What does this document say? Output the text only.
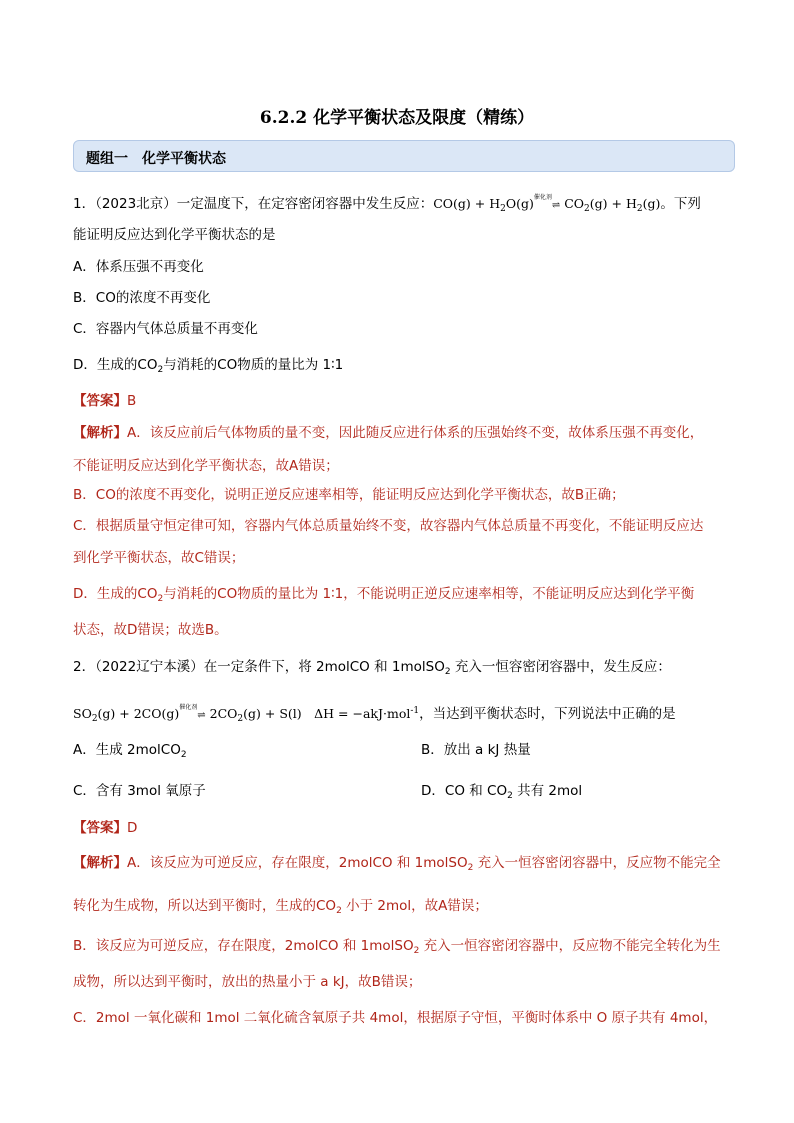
6.2.2 化学平衡状态及限度（精练）
题组一　化学平衡状态
1．（2023北京）一定温度下，在定容密闭容器中发生反应：$CO(g) + H_2O(g)^{催化剂}\rightleftharpoons$ $CO_2(g) + H_2(g)$。下列
能证明反应达到化学平衡状态的是
A．体系压强不再变化
B．CO的浓度不再变化
C．容器内气体总质量不再变化
D．生成的$CO_2$与消耗的CO物质的量比为 1∶1
【答案】B
【解析】A．该反应前后气体物质的量不变，因此随反应进行体系的压强始终不变，故体系压强不再变化，
不能证明反应达到化学平衡状态，故A错误；
B．CO的浓度不再变化，说明正逆反应速率相等，能证明反应达到化学平衡状态，故B正确；
C．根据质量守恒定律可知，容器内气体总质量始终不变，故容器内气体总质量不再变化，不能证明反应达
到化学平衡状态，故C错误；
D．生成的$CO_2$与消耗的CO物质的量比为 1∶1，不能说明正逆反应速率相等，不能证明反应达到化学平衡
状态，故D错误；故选B。
2．（2022辽宁本溪）在一定条件下，将 2molCO 和 1molSO$_2$ 充入一恒容密闭容器中，发生反应：
$SO_2(g)$ + $2CO(g)^{催化剂}\rightleftharpoons$ $2CO_2(g) + S(l)$　ΔH = −akJ·mol$^{-1}$，当达到平衡状态时，下列说法中正确的是
A．生成 2molCO$_2$	B．放出 a kJ 热量
C．含有 3mol 氧原子	D．CO 和 $CO_2$ 共有 2mol
【答案】D
【解析】A．该反应为可逆反应，存在限度，2molCO 和 1molSO$_2$ 充入一恒容密闭容器中，反应物不能完全
转化为生成物，所以达到平衡时，生成的$CO_2$ 小于 2mol，故A错误；
B．该反应为可逆反应，存在限度，2molCO 和 1molSO$_2$ 充入一恒容密闭容器中，反应物不能完全转化为生
成物，所以达到平衡时，放出的热量小于 a kJ，故B错误；
C．2mol 一氧化碳和 1mol 二氧化硫含氧原子共 4mol，根据原子守恒，平衡时体系中 O 原子共有 4mol，
